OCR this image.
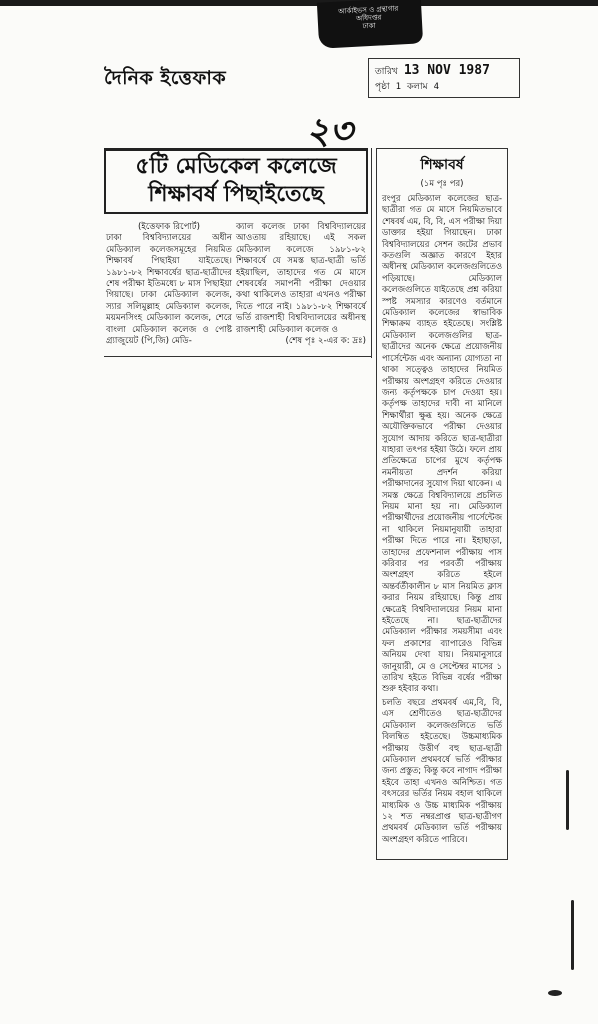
আর্কাইভস ও গ্রন্থাগার
অধিদপ্তর
ঢাকা
দৈনিক ইত্তেফাক	তারিখ 13 NOV 1987
পৃষ্ঠা 1 কলাম 4
২৩
৫টি মেডিকেল কলেজে
শিক্ষাবর্ষ পিছাইতেছে
(ইত্তেফাক রিপোর্ট)
ঢাকা বিশ্ববিদ্যালয়ের অধীন মেডিক্যাল কলেজসমূহের নিয়মিত শিক্ষাবর্ষ পিছাইয়া যাইতেছে। ১৯৮১-৮২ শিক্ষাবর্ষের ছাত্র-ছাত্রীদের শেষ পরীক্ষা ইতিমধ্যে ৮ মাস পিছাইয়া গিয়াছে। ঢাকা মেডিক্যাল কলেজ, স্যার সলিমুল্লাহ মেডিক্যাল কলেজ, ময়মনসিংহ মেডিক্যাল কলেজ, শেরে বাংলা মেডিক্যাল কলেজ ও পোষ্ট গ্র্যাজুয়েট (পি,জি) মেডি-
ক্যাল কলেজ ঢাকা বিশ্ববিদ্যালয়ের আওতায় রহিয়াছে। এই সকল মেডিক্যাল কলেজে ১৯৮১-৮২ শিক্ষাবর্ষে যে সমস্ত ছাত্র-ছাত্রী ভর্তি হইয়াছিল, তাহাদের গত মে মাসে শেষবর্ষের সমাপনী পরীক্ষা দেওয়ার কথা থাকিলেও তাহারা এখনও পরীক্ষা দিতে পারে নাই। ১৯৮১-৮২ শিক্ষাবর্ষে ভর্তি রাজশাহী বিশ্ববিদ্যালয়ের অধীনস্থ রাজশাহী মেডিক্যাল কলেজ ও
(শেষ পৃঃ ২-এর ক: দ্রঃ)
শিক্ষাবর্ষ
(১ম পৃঃ পর)

রংপুর মেডিক্যাল কলেজের ছাত্র-ছাত্রীরা গত মে মাসে নিয়মিতভাবে শেষবর্ষ এম, বি, বি, এস পরীক্ষা দিয়া ডাক্তার হইয়া গিয়াছেন। ঢাকা বিশ্ববিদ্যালয়ের সেশন জটের প্রভাব কতগুলি অজ্ঞাত কারণে ইহার অধীনস্থ মেডিক্যাল কলেজগুলিতেও পড়িয়াছে। মেডিক্যাল কলেজগুলিতে যাইতেছে প্রশ্ন করিয়া স্পষ্ট সমস্যার কারণেও বর্তমানে মেডিক্যাল কলেজের স্বাভাবিক শিক্ষাক্রম ব্যাহত হইতেছে। সংশ্লিষ্ট মেডিক্যাল কলেজগুলির ছাত্র-ছাত্রীদের অনেক ক্ষেত্রে প্রয়োজনীয় পার্সেন্টেজ এবং অন্যান্য যোগ্যতা না থাকা সত্ত্বেও তাহাদের নিয়মিত পরীক্ষায় অংশগ্রহণ করিতে দেওয়ার জন্য কর্তৃপক্ষকে চাপ দেওয়া হয়। কর্তৃপক্ষ তাহাদের দাবী না মানিলে শিক্ষার্থীরা ক্ষুব্ধ হয়। অনেক ক্ষেত্রে অযৌক্তিকভাবে পরীক্ষা দেওয়ার সুযোগ আদায় করিতে ছাত্র-ছাত্রীরা যাহারা তৎপর হইয়া উঠে। ফলে প্রায় প্রতিক্ষেত্রে চাপের মুখে কর্তৃপক্ষ নমনীয়তা প্রদর্শন করিয়া পরীক্ষাদানের সুযোগ দিয়া থাকেন। এ সমস্ত ক্ষেত্রে বিশ্ববিদ্যালয়ে প্রচলিত নিয়ম মানা হয় না। মেডিক্যাল পরীক্ষার্থীদের প্রয়োজনীয় পার্সেন্টেজ না থাকিলে নিয়মানুযায়ী তাহারা পরীক্ষা দিতে পারে না। ইহাছাড়া, তাহাদের প্রফেশনাল পরীক্ষায় পাস করিবার পর পরবর্তী পরীক্ষায় অংশগ্রহণ করিতে হইলে অন্তর্বর্তীকালীন ৮ মাস নিয়মিত ক্লাস করার নিয়ম রহিয়াছে। কিন্তু প্রায় ক্ষেত্রেই বিশ্ববিদ্যালয়ের নিয়ম মানা হইতেছে না। ছাত্র-ছাত্রীদের মেডিক্যাল পরীক্ষার সময়সীমা এবং ফল প্রকাশের ব্যাপারেও বিভিন্ন অনিয়ম দেখা যায়। নিয়মানুসারে জানুয়ারী, মে ও সেপ্টেম্বর মাসের ১ তারিখ হইতে বিভিন্ন বর্ষের পরীক্ষা শুরু হইবার কথা।

চলতি বছরে প্রথমবর্ষ এম,বি, বি, এস শ্রেণীতেও ছাত্র-ছাত্রীদের মেডিক্যাল কলেজগুলিতে ভর্তি বিলম্বিত হইতেছে। উচ্চমাধ্যমিক পরীক্ষায় উত্তীর্ণ বহু ছাত্র-ছাত্রী মেডিক্যাল প্রথমবর্ষে ভর্তি পরীক্ষার জন্য প্রস্তুত; কিন্তু কবে নাগাদ পরীক্ষা হইবে তাহা এখনও অনিশ্চিত। গত বৎসরের ভর্তির নিয়ম বহাল থাকিলে মাধ্যমিক ও উচ্চ মাধ্যমিক পরীক্ষায় ১২ শত নম্বরপ্রাপ্ত ছাত্র-ছাত্রীগণ প্রথমবর্ষ মেডিক্যাল ভর্তি পরীক্ষায় অংশগ্রহণ করিতে পারিবে।
